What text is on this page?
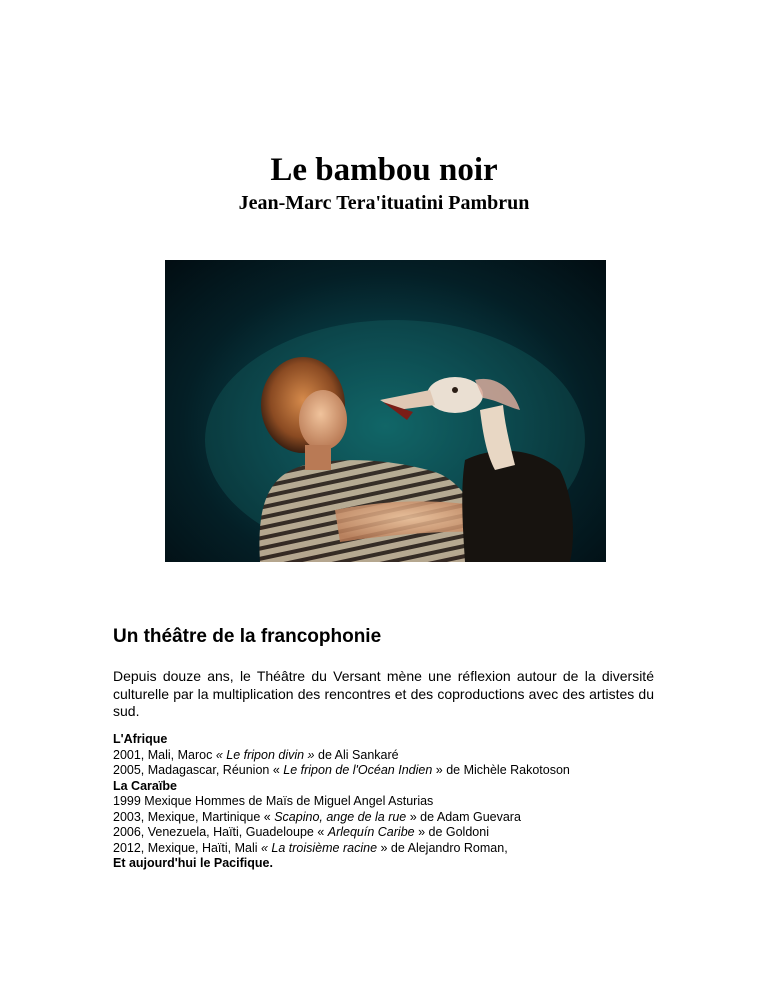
Le bambou noir
Jean-Marc Tera'ituatini Pambrun
Un théâtre de la francophonie

Depuis douze ans, le Théâtre du Versant mène une réflexion autour de la diversité culturelle par la multiplication des rencontres et des coproductions avec des artistes du sud.

L'Afrique
2001, Mali, Maroc « Le fripon divin » de Ali Sankaré
2005, Madagascar, Réunion « Le fripon de l'Océan Indien » de Michèle Rakotoson
La Caraïbe
1999 Mexique Hommes de Maïs de Miguel Angel Asturias
2003, Mexique, Martinique « Scapino, ange de la rue » de Adam Guevara
2006, Venezuela, Haïti, Guadeloupe « Arlequín Caribe » de Goldoni
2012, Mexique, Haïti, Mali « La troisième racine » de Alejandro Roman,
Et aujourd'hui le Pacifique.
